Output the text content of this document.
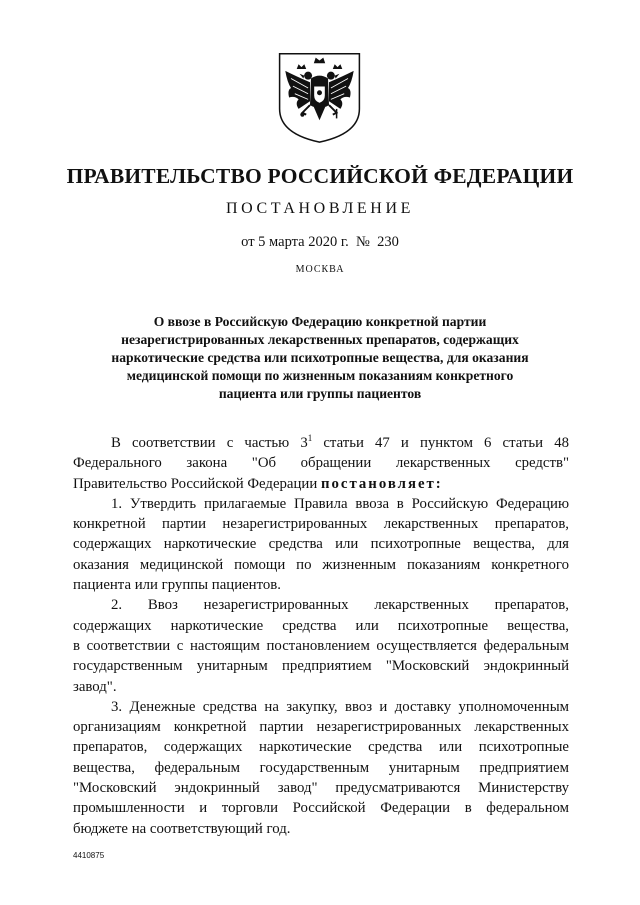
ПРАВИТЕЛЬСТВО РОССИЙСКОЙ ФЕДЕРАЦИИ
ПОСТАНОВЛЕНИЕ
от 5 марта 2020 г.  №  230
МОСКВА
О ввозе в Российскую Федерацию конкретной партии
незарегистрированных лекарственных препаратов, содержащих
наркотические средства или психотропные вещества, для оказания
медицинской помощи по жизненным показаниям конкретного
пациента или группы пациентов
В соответствии с частью $3^1$ статьи 47 и пунктом 6 статьи 48
Федерального закона "Об обращении лекарственных средств"
Правительство Российской Федерации постановляет:
1. Утвердить прилагаемые Правила ввоза в Российскую Федерацию
конкретной партии незарегистрированных лекарственных препаратов,
содержащих наркотические средства или психотропные вещества, для
оказания медицинской помощи по жизненным показаниям конкретного
пациента или группы пациентов.
2. Ввоз незарегистрированных лекарственных препаратов,
содержащих наркотические средства или психотропные вещества,
в соответствии с настоящим постановлением осуществляется федеральным
государственным унитарным предприятием "Московский эндокринный
завод".
3. Денежные средства на закупку, ввоз и доставку уполномоченным
организациям конкретной партии незарегистрированных лекарственных
препаратов, содержащих наркотические средства или психотропные
вещества, федеральным государственным унитарным предприятием
"Московский эндокринный завод" предусматриваются Министерству
промышленности и торговли Российской Федерации в федеральном
бюджете на соответствующий год.
4410875
